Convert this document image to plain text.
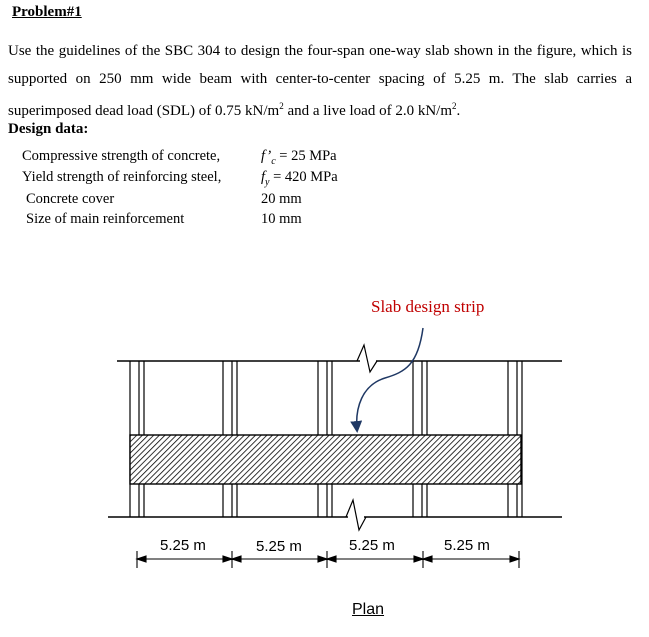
Problem#1
Use the guidelines of the SBC 304 to design the four-span one-way slab shown in the figure, which is
supported on 250 mm wide beam with center-to-center spacing of 5.25 m. The slab carries a
superimposed dead load (SDL) of 0.75 $kN/m^2$ and a live load of 2.0 $kN/m^2$.
Design data:
Compressive strength of concrete,	$f’_c = 25$ MPa
Yield strength of reinforcing steel,	$f_y = 420$ MPa
Concrete cover	20 mm
Size of main reinforcement	10 mm
Slab design strip
5.25 m	5.25 m	5.25 m	5.25 m
Plan
